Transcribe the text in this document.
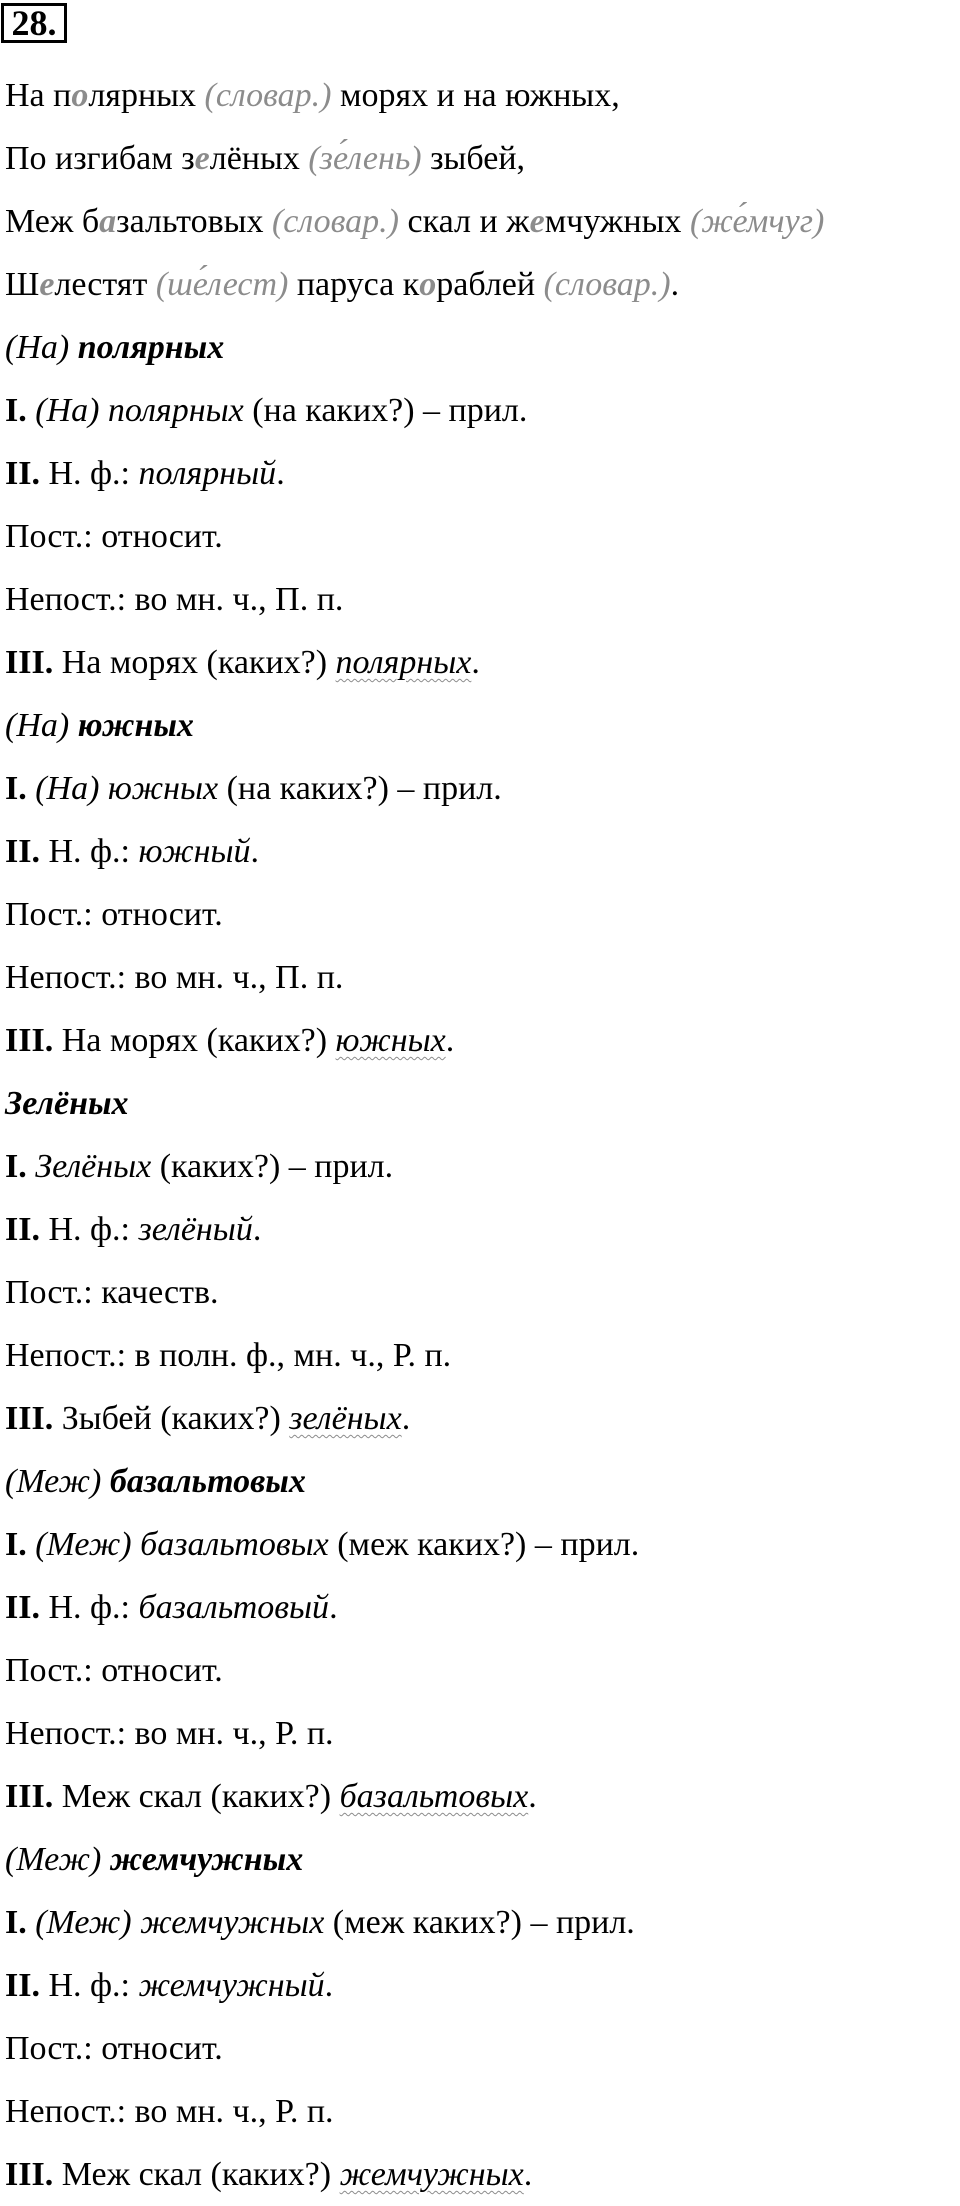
28.
На полярных (словар.) морях и на южных,
По изгибам зелёных (зе́лень) зыбей,
Меж базальтовых (словар.) скал и жемчужных (же́мчуг)
Шелестят (ше́лест) паруса кораблей (словар.).
(На) полярных
I. (На) полярных (на каких?) – прил.
II. Н. ф.: полярный.
Пост.: относит.
Непост.: во мн. ч., П. п.
III. На морях (каких?) полярных.
(На) южных
I. (На) южных (на каких?) – прил.
II. Н. ф.: южный.
Пост.: относит.
Непост.: во мн. ч., П. п.
III. На морях (каких?) южных.
Зелёных
I. Зелёных (каких?) – прил.
II. Н. ф.: зелёный.
Пост.: качеств.
Непост.: в полн. ф., мн. ч., Р. п.
III. Зыбей (каких?) зелёных.
(Меж) базальтовых
I. (Меж) базальтовых (меж каких?) – прил.
II. Н. ф.: базальтовый.
Пост.: относит.
Непост.: во мн. ч., Р. п.
III. Меж скал (каких?) базальтовых.
(Меж) жемчужных
I. (Меж) жемчужных (меж каких?) – прил.
II. Н. ф.: жемчужный.
Пост.: относит.
Непост.: во мн. ч., Р. п.
III. Меж скал (каких?) жемчужных.
